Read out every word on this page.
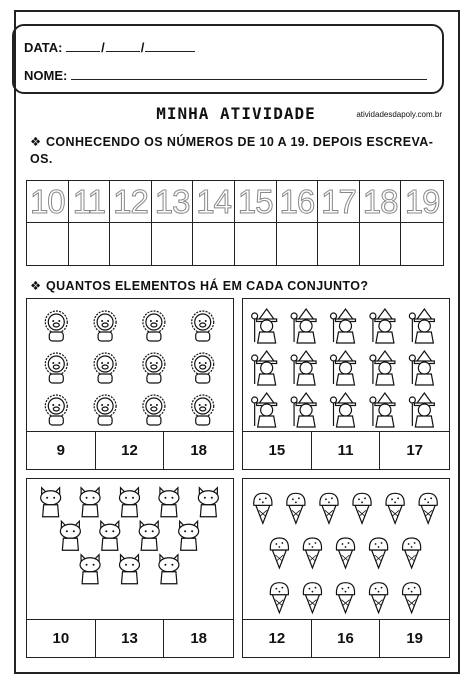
DATA:	/	/
NOME:
MINHA ATIVIDADE	atividadesdapoly.com.br
❖ CONHECENDO OS NÚMEROS DE 10 A 19. DEPOIS ESCREVA-OS.
10 11 12 13 14 15 16 17 18 19
❖ QUANTOS ELEMENTOS HÁ EM CADA CONJUNTO?
9	12	18	15	11	17
10	13	18	12	16	19
